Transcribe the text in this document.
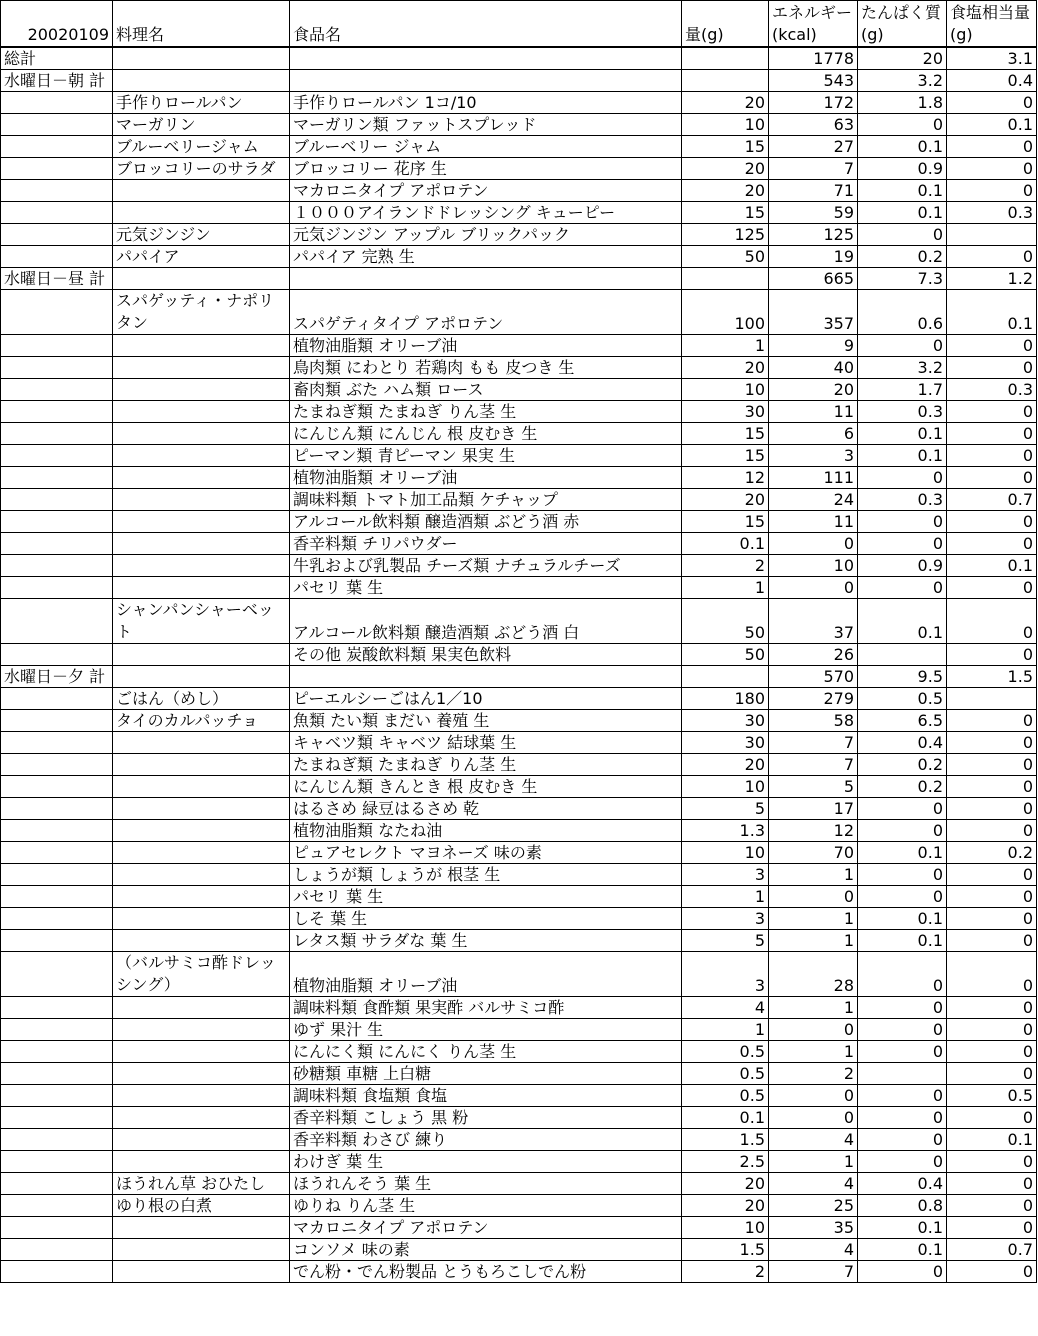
20020109	料理名	食品名	量(g)	エネルギー(kcal)	たんぱく質(g)	食塩相当量(g)
総計				1778	20	3.1
水曜日－朝 計				543	3.2	0.4
	手作りロールパン	手作りロールパン 1コ/10	20	172	1.8	0
	マーガリン	マーガリン類 ファットスプレッド	10	63	0	0.1
	ブルーベリージャム	ブルーベリー ジャム	15	27	0.1	0
	ブロッコリーのサラダ	ブロッコリー 花序 生	20	7	0.9	0
		マカロニタイプ アポロテン	20	71	0.1	0
		１０００アイランドドレッシング キューピー	15	59	0.1	0.3
	元気ジンジン	元気ジンジン アップル ブリックパック	125	125	0	
	パパイア	パパイア 完熟 生	50	19	0.2	0
水曜日－昼 計				665	7.3	1.2
	スパゲッティ・ナポリタン	スパゲティタイプ アポロテン	100	357	0.6	0.1
		植物油脂類 オリーブ油	1	9	0	0
		鳥肉類 にわとり 若鶏肉 もも 皮つき 生	20	40	3.2	0
		畜肉類 ぶた ハム類 ロース	10	20	1.7	0.3
		たまねぎ類 たまねぎ りん茎 生	30	11	0.3	0
		にんじん類 にんじん 根 皮むき 生	15	6	0.1	0
		ピーマン類 青ピーマン 果実 生	15	3	0.1	0
		植物油脂類 オリーブ油	12	111	0	0
		調味料類 トマト加工品類 ケチャップ	20	24	0.3	0.7
		アルコール飲料類 醸造酒類 ぶどう酒 赤	15	11	0	0
		香辛料類 チリパウダー	0.1	0	0	0
		牛乳および乳製品 チーズ類 ナチュラルチーズ	2	10	0.9	0.1
		パセリ 葉 生	1	0	0	0
	シャンパンシャーベット	アルコール飲料類 醸造酒類 ぶどう酒 白	50	37	0.1	0
		その他 炭酸飲料類 果実色飲料	50	26		0
水曜日－夕 計				570	9.5	1.5
	ごはん（めし）	ピーエルシーごはん1／10	180	279	0.5	
	タイのカルパッチョ	魚類 たい類 まだい 養殖 生	30	58	6.5	0
		キャベツ類 キャベツ 結球葉 生	30	7	0.4	0
		たまねぎ類 たまねぎ りん茎 生	20	7	0.2	0
		にんじん類 きんとき 根 皮むき 生	10	5	0.2	0
		はるさめ 緑豆はるさめ 乾	5	17	0	0
		植物油脂類 なたね油	1.3	12	0	0
		ピュアセレクト マヨネーズ 味の素	10	70	0.1	0.2
		しょうが類 しょうが 根茎 生	3	1	0	0
		パセリ 葉 生	1	0	0	0
		しそ 葉 生	3	1	0.1	0
		レタス類 サラダな 葉 生	5	1	0.1	0
	（バルサミコ酢ドレッシング）	植物油脂類 オリーブ油	3	28	0	0
		調味料類 食酢類 果実酢 バルサミコ酢	4	1	0	0
		ゆず 果汁 生	1	0	0	0
		にんにく類 にんにく りん茎 生	0.5	1	0	0
		砂糖類 車糖 上白糖	0.5	2		0
		調味料類 食塩類 食塩	0.5	0	0	0.5
		香辛料類 こしょう 黒 粉	0.1	0	0	0
		香辛料類 わさび 練り	1.5	4	0	0.1
		わけぎ 葉 生	2.5	1	0	0
	ほうれん草 おひたし	ほうれんそう 葉 生	20	4	0.4	0
	ゆり根の白煮	ゆりね りん茎 生	20	25	0.8	0
		マカロニタイプ アポロテン	10	35	0.1	0
		コンソメ 味の素	1.5	4	0.1	0.7
		でん粉・でん粉製品 とうもろこしでん粉	2	7	0	0
